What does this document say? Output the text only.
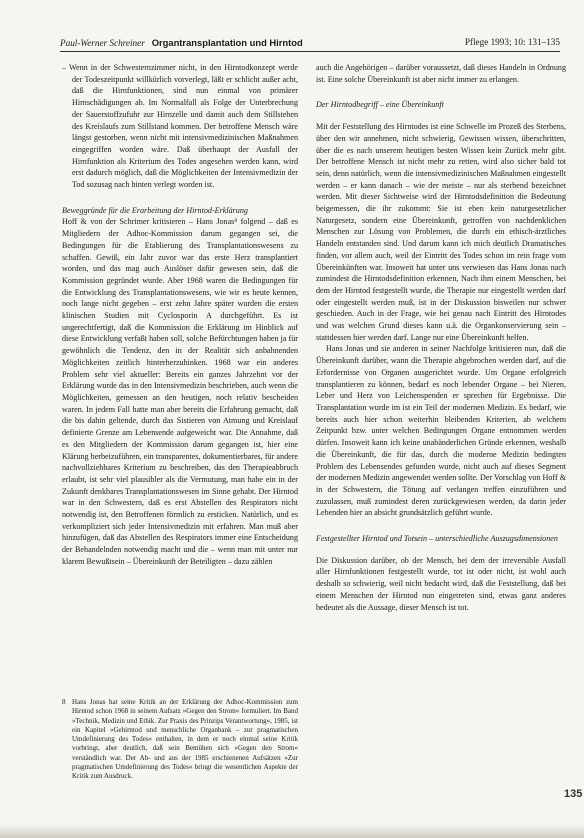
Paul-Werner Schreiner Organtransplantation und Hirntod	Pflege 1993; 10: 131–135

– Wenn in der Schwesternzimmer nicht, in den Hirntodkonzept werde der Todeszeitpunkt willkürlich vorverlegt, läßt er schlicht außer acht, daß die Hirnfunktionen, sind nun einmal von primärer Hirnschädigungen ab. Im Normalfall als Folge der Unterbrechung der Sauerstoffzufuhr zur Hirnzelle und damit auch dem Stillstehen des Kreislaufs zum Stillstand kommen. Der betroffene Mensch wäre längst gestorben, wenn nicht mit intensivmedizinischen Maßnahmen eingegriffen worden wäre. Daß überhaupt der Ausfall der Hirnfunktion als Kriterium des Todes angesehen werden kann, wird erst dadurch möglich, daß die Möglichkeiten der Intensivmedizin der Tod sozusag nach hinten verlegt worden ist.

Beweggründe für die Erarbeitung der Hirntod-Erklärung

Hoff & von der Schrimer kritisieren – Hans Jonas⁸ folgend – daß es Mitgliedern der Adhoc-Kommission darum gegangen sei, die Bedingungen für die Etablierung des Transplantationswesens zu schaffen. Gewiß, ein Jahr zuvor war das erste Herz transplantiert worden, und das mag auch Auslöser dafür gewesen sein, daß die Kommission gegründet wurde. Aber 1968 waren die Bedingungen für die Entwicklung des Transplantationswesens, wie wir es heute kennen, noch lange nicht gegeben – erst zehn Jahre später wurden die ersten klinischen Studien mit Cyclosporin A durchgeführt. Es ist ungerechtfertigt, daß die Kommission die Erklärung im Hinblick auf diese Entwicklung verfaßt haben soll, solche Befürchtungen haben ja für gewöhnlich die Tendenz, den in der Realität sich anbahnenden Möglichkeiten zeitlich hinterherzuhinken. 1968 war ein anderes Problem sehr viel aktueller: Bereits ein ganzes Jahrzehnt vor der Erklärung wurde das in den Intensivmedizin beschrieben, auch wenn die Möglichkeiten, gemessen an den heutigen, noch relativ bescheiden waren. In jedem Fall hatte man aber bereits die Erfahrung gemacht, daß die bis dahin geltende, durch das Sistieren von Atmung und Kreislauf definierte Grenze am Lebensende aufgeweicht war. Die Annahme, daß es den Mitgliedern der Kommission darum gegangen ist, hier eine Klärung herbeizuführen, ein transparentes, dokumentierbares, für andere nachvollziehbares Kriterium zu beschreiben, das den Therapieabbruch erlaubt, ist sehr viel plausibler als die Vermutung, man habe ein in der Zukunft denkbares Transplantationswesen im Sinne gehabt. Der Hirntod war in den Schwestern, daß es erst Abstellen des Respirators nicht notwendig ist, den Betroffenen förmlich zu ersticken. Natürlich, und es verkompliziert sich jeder Intensivmedizin mit erfahren. Man muß aber hinzufügen, daß das Abstellen des Respirators immer eine Entscheidung der Behandelnden notwendig macht und die – wenn man mit unter nur klarem Bewußtsein – Übereinkunft der Beteiligten – dazu zählen

8 Hans Jonas hat seine Kritik an der Erklärung der Adhoc-Kommission zum Hirntod schon 1968 in seinem Aufsatz »Gegen den Strom« formuliert. Im Band »Technik, Medizin und Ethik. Zur Praxis des Prinzips Verantwortung«, 1985, ist ein Kapitel »Gehirntod und menschliche Organbank – zur pragmatischen Umdefinierung des Todes« enthalten, in dem er noch einmal seine Kritik vorbringt, aber deutlich, daß sein Bemühen sich »Gegen den Strom« verständlich war. Der Ab- und aus der 1985 erschienenen Aufsätzen »Zur pragmatischen Umdefinierung des Todes« bringt die wesentlichen Aspekte der Kritik zum Ausdruck.

auch die Angehörigen – darüber voraussetzt, daß dieses Handeln in Ordnung ist. Eine solche Übereinkunft ist aber nicht immer zu erlangen.

Der Hirntodbegriff – eine Übereinkunft

Mit der Feststellung des Hirntodes ist eine Schwelle im Prozeß des Sterbens, über den wir annehmen, nicht schwierig, Gewissen wissen, überschritten, über die es nach unserem heutigen besten Wissen kein Zurück mehr gibt. Der betroffene Mensch ist nicht mehr zu retten, wird also sicher bald tot sein, denn natürlich, wenn die intensivmedizinischen Maßnahmen eingestellt werden – er kann danach – wie der meiste – nur als sterbend bezeichnet werden. Mit dieser Sichtweise wird der Hirntodsdefinition die Bedeutung beigemessen, die ihr zukommt: Sie ist eben kein naturgesetzlicher Naturgesetz, sondern eine Übereinkunft, getroffen von nachdenklichen Menschen zur Lösung von Problemen, die durch ein ethisch-ärztliches Handeln entstanden sind. Und darum kann ich mich deutlich Dramatisches finden, vor allem auch, weil der Eintritt des Todes schon im rein frage vom Übereinkünften war. Insoweit hat unter uns verwiesen das Hans Jonas nach zumindest die Hirntodsdefinition erkennen, Nach ihm einem Menschen, bei dem der Hirntod festgestellt wurde, die Therapie nur eingestellt werden darf oder eingestellt werden muß, ist in der Diskussion bisweilen nur schwer geschieden. Auch in der Frage, wie bei genau nach Eintritt des Hirntodes und was welchen Grund dieses kann u.ä. die Organkonservierung sein – stattdessen hier werden darf. Lange nur eine Übereinkunft helfen.

Hans Jonas und sie anderen in seiner Nachfolge kritisieren nun, daß die Übereinkunft darüber, wann die Therapie abgebrochen werden darf, auf die Erfordernisse von Organen ausgerichtet wurde. Um Organe erfolgreich transplantieren zu können, bedarf es noch lebender Organe – bei Nieren, Leber und Herz von Leichenspenden er sprechen für Ergebnisse. Die Transplantation wurde im ist ein Teil der modernen Medizin. Es bedarf, wie bereits auch hier schon weiterhin bleibenden Kriterien, ab welchem Zeitpunkt bzw. unter welchen Bedingungen Organe entnommen werden dürfen. Insoweit kann ich keine unabänderlichen Gründe erkennen, weshalb die Übereinkunft, die für das, durch die moderne Medizin bedingten Problem des Lebensendes gefunden wurde, nicht auch auf dieses Segment der modernen Medizin angewendet werden sollte. Der Vorschlag von Hoff & in der Schwestern, die Tötung auf verlangen treffen einzuführen und zuzulassen, muß zumindest deren zurückgewiesen werden, da darin jeder Lebenden hier an absicht grundsätzlich geführt wurde.

Festgestellter Hirntod und Totsein – unterschiedliche Auszugsdimensionen

Die Diskussion darüber, ob der Mensch, bei dem der irreversible Ausfall aller Hirnfunktionen festgestellt wurde, tot ist oder nicht, ist wohl auch deshalb so schwierig, weil nicht bedacht wird, daß die Feststellung, daß bei einem Menschen der Hirntod nun eingetreten sind, etwas ganz anderes bedeutet als die Aussage, dieser Mensch ist tot.

135
